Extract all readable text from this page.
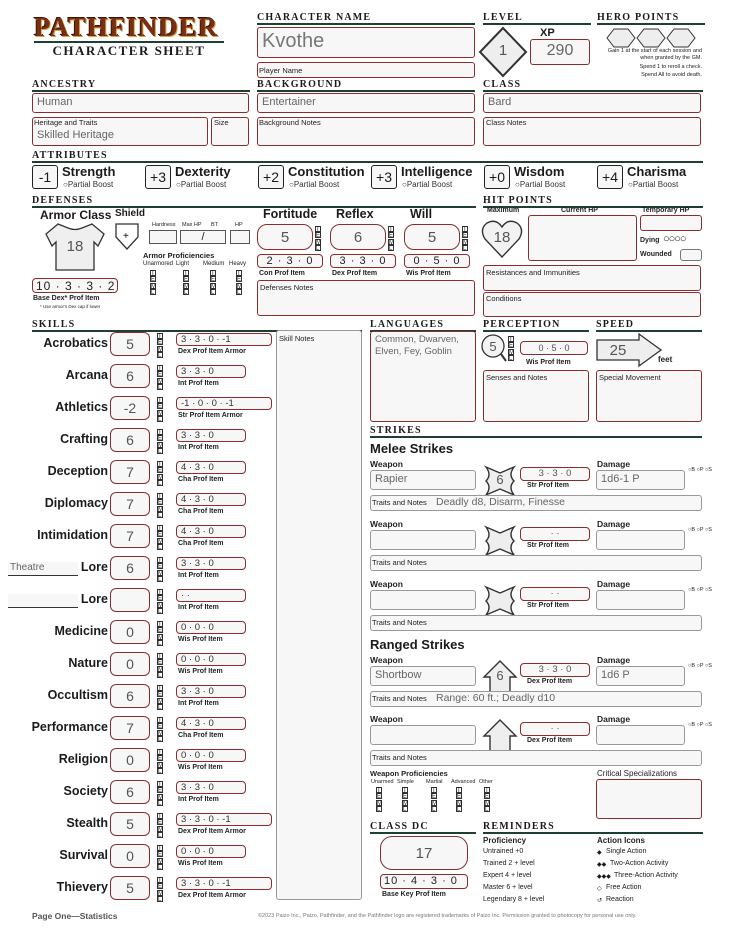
PATHFINDER
CHARACTER SHEET
CHARACTER NAME
Kvothe
Player Name
LEVEL
1
XP
290
HERO POINTS
Gain 1 at the start of each session and when granted by the GM.
Spend 1 to reroll a check.
Spend All to avoid death.
ANCESTRY
Human
Skilled Heritage
Heritage and Traits	Size
BACKGROUND
Entertainer
Background Notes
CLASS
Bard
Class Notes
ATTRIBUTES
DEFENSES
Armor Class
18
10 · 3 · 3 · 2
Base Dex* Prof Item
* Use armor's Dex cap if lower
Shield
+
Hardness Max HP BT	HP
/
Armor Proficiencies
Defenses Notes
HIT POINTS
Maximum	Current HP	Temporary HP
18	Dying ○○○○
Wounded
Resistances and Immunities
Conditions
SKILLS
Skill Notes
LANGUAGES
Common, Dwarven, Elven, Fey, Goblin
PERCEPTION
5	T
E
M
L
0 · 5 · 0
Wis Prof Item
Senses and Notes
SPEED
25
feet
Special Movement
STRIKES
Melee Strikes
Ranged Strikes
Weapon Proficiencies	Critical Specializations
CLASS DC
17
10 · 4 · 3 · 0
Base Key Prof Item
REMINDERS
Proficiency	Action Icons
Page One—Statistics	©2023 Paizo Inc., Paizo, Pathfinder, and the Pathfinder logo are registered trademarks of Paizo Inc. Permission granted to photocopy for personal use only.
-1 Strength
○Partial Boost	+3 Dexterity
○Partial Boost	+2 Constitution
○Partial Boost	+3 Intelligence
○Partial Boost	+0 Wisdom
○Partial Boost	+4 Charisma
○Partial Boost
Unarmored
T
E
M
L
Light
T
E
M
L
Medium
T
E
M
L
Heavy
T
E
M
L
Fortitude
5	T
E
M
L
2 · 3 · 0
Con Prof Item
Reflex
6	T
E
M
L
3 · 3 · 0
Dex Prof Item
Will
5	T
E
M
L
0 · 5 · 0
Wis Prof Item
Acrobatics	5	T
E
M
L
3 · 3 · 0 · -1
Dex Prof Item Armor
Arcana	6	T
E
M
L
3 · 3 · 0
Int Prof Item
Athletics	-2	T
E
M
L
-1 · 0 · 0 · -1
Str Prof Item Armor
Crafting	6	T
E
M
L
3 · 3 · 0
Int Prof Item
Deception	7	T
E
M
L
4 · 3 · 0
Cha Prof Item
Diplomacy	7	T
E
M
L
4 · 3 · 0
Cha Prof Item
Intimidation	7	T
E
M
L
4 · 3 · 0
Cha Prof Item
Theatre	Lore	6	T
E
M
L
3 · 3 · 0
Int Prof Item
Lore	T
E
M
L
· ·
Int Prof Item
Medicine	0	T
E
M
L
0 · 0 · 0
Wis Prof Item
Nature	0	T
E
M
L
0 · 0 · 0
Wis Prof Item
Occultism	6	T
E
M
L
3 · 3 · 0
Int Prof Item
Performance	7	T
E
M
L
4 · 3 · 0
Cha Prof Item
Religion	0	T
E
M
L
0 · 0 · 0
Wis Prof Item
Society	6	T
E
M
L
3 · 3 · 0
Int Prof Item
Stealth	5	T
E
M
L
3 · 3 · 0 · -1
Dex Prof Item Armor
Survival	0	T
E
M
L
0 · 0 · 0
Wis Prof Item
Thievery	5	T
E
M
L
3 · 3 · 0 · -1
Dex Prof Item Armor
Weapon
Rapier	6	3 · 3 · 0
Str Prof Item
Damage
1d6-1 P
○B ○P ○S
Traits and Notes Deadly d8, Disarm, Finesse
Weapon
· ·
Str Prof Item
Damage
○B ○P ○S
Traits and Notes
Weapon
· ·
Str Prof Item
Damage
○B ○P ○S
Traits and Notes
Weapon
Shortbow	6	3 · 3 · 0
Dex Prof Item
Damage
1d6 P
○B ○P ○S
Traits and Notes Range: 60 ft.; Deadly d10
Weapon
· ·
Dex Prof Item
Damage
○B ○P ○S
Traits and Notes
Unarmed
T
E
M
L
Simple
T
E
M
L
Martial
T
E
M
L
Advanced
T
E
M
L
Other
T
E
M
L
Untrained +0
Trained 2 + level
Expert 4 + level
Master 6 + level
Legendary 8 + level
◆ Single Action
◆◆ Two-Action Activity
◆◆◆ Three-Action Activity
◇ Free Action
↺ Reaction
